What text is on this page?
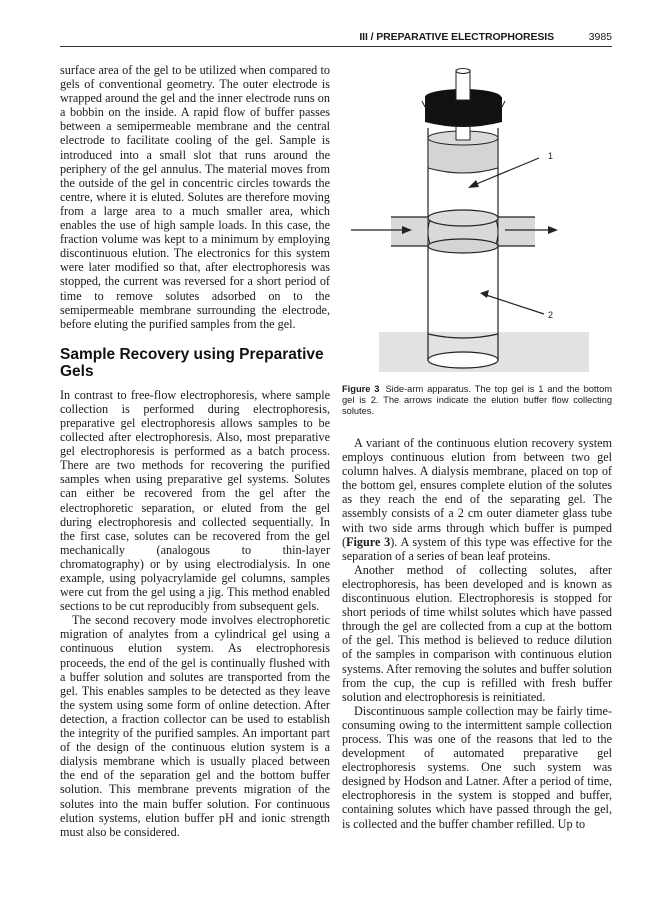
III / PREPARATIVE ELECTROPHORESIS	3985

surface area of the gel to be utilized when compared to gels of conventional geometry. The outer electrode is wrapped around the gel and the inner electrode runs on a bobbin on the inside. A rapid flow of buffer passes between a semipermeable membrane and the central electrode to facilitate cooling of the gel. Sample is introduced into a small slot that runs around the periphery of the gel annulus. The material moves from the outside of the gel in concentric circles towards the centre, where it is eluted. Solutes are therefore moving from a large area to a much smaller area, which enables the use of high sample loads. In this case, the fraction volume was kept to a minimum by employing discontinuous elution. The electronics for this system were later modified so that, after electrophoresis was stopped, the current was reversed for a short period of time to remove solutes adsorbed on to the semipermeable membrane surrounding the electrode, before eluting the purified samples from the gel.

Sample Recovery using Preparative Gels

In contrast to free-flow electrophoresis, where sample collection is performed during electrophoresis, preparative gel electrophoresis allows samples to be collected after electrophoresis. Also, most preparative gel electrophoresis is performed as a batch process. There are two methods for recovering the purified samples when using preparative gel systems. Solutes can either be recovered from the gel after the electrophoretic separation, or eluted from the gel during electrophoresis and collected sequentially. In the first case, solutes can be recovered from the gel mechanically (analogous to thin-layer chromatography) or by using electrodialysis. In one example, using polyacrylamide gel columns, samples were cut from the gel using a jig. This method enabled sections to be cut reproducibly from subsequent gels.

The second recovery mode involves electrophoretic migration of analytes from a cylindrical gel using a continuous elution system. As electrophoresis proceeds, the end of the gel is continually flushed with a buffer solution and solutes are transported from the gel. This enables samples to be detected as they leave the system using some form of online detection. After detection, a fraction collector can be used to establish the integrity of the purified samples. An important part of the design of the continuous elution system is a dialysis membrane which is usually placed between the end of the separation gel and the bottom buffer solution. This membrane prevents migration of the solutes into the main buffer solution. For continuous elution systems, elution buffer pH and ionic strength must also be considered.

1
2
Figure 3 Side-arm apparatus. The top gel is 1 and the bottom gel is 2. The arrows indicate the elution buffer flow collecting solutes.

A variant of the continuous elution recovery system employs continuous elution from between two gel column halves. A dialysis membrane, placed on top of the bottom gel, ensures complete elution of the solutes as they reach the end of the separating gel. The assembly consists of a 2 cm outer diameter glass tube with two side arms through which buffer is pumped (Figure 3). A system of this type was effective for the separation of a series of bean leaf proteins.

Another method of collecting solutes, after electrophoresis, has been developed and is known as discontinuous elution. Electrophoresis is stopped for short periods of time whilst solutes which have passed through the gel are collected from a cup at the bottom of the gel. This method is believed to reduce dilution of the samples in comparison with continuous elution systems. After removing the solutes and buffer solution from the cup, the cup is refilled with fresh buffer solution and electrophoresis is reinitiated.

Discontinuous sample collection may be fairly time-consuming owing to the intermittent sample collection process. This was one of the reasons that led to the development of automated preparative gel electrophoresis systems. One such system was designed by Hodson and Latner. After a period of time, electrophoresis in the system is stopped and buffer, containing solutes which have passed through the gel, is collected and the buffer chamber refilled. Up to
